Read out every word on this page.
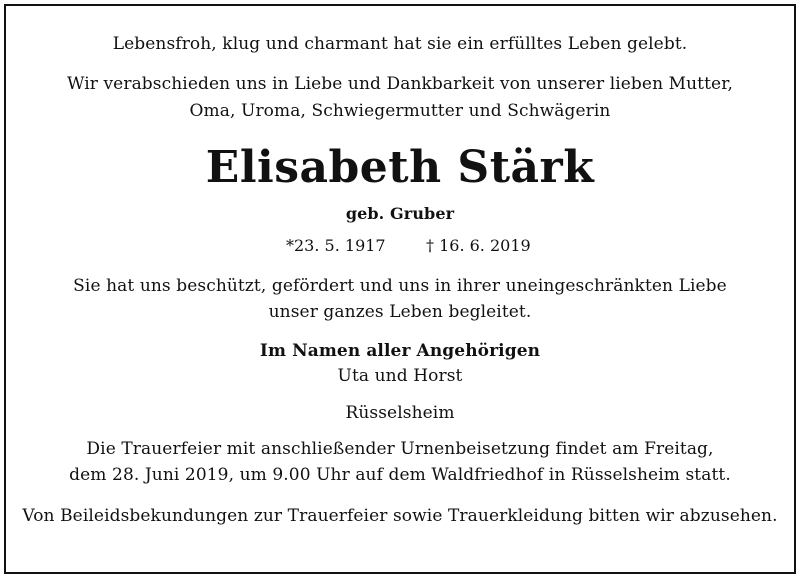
Lebensfroh, klug und charmant hat sie ein erfülltes Leben gelebt.
Wir verabschieden uns in Liebe und Dankbarkeit von unserer lieben Mutter,
Oma, Uroma, Schwiegermutter und Schwägerin
Elisabeth Stärk
geb. Gruber
*23. 5. 1917	† 16. 6. 2019
Sie hat uns beschützt, gefördert und uns in ihrer uneingeschränkten Liebe
unser ganzes Leben begleitet.
Im Namen aller Angehörigen
Uta und Horst
Rüsselsheim
Die Trauerfeier mit anschließender Urnenbeisetzung findet am Freitag,
dem 28. Juni 2019, um 9.00 Uhr auf dem Waldfriedhof in Rüsselsheim statt.
Von Beileidsbekundungen zur Trauerfeier sowie Trauerkleidung bitten wir abzusehen.
